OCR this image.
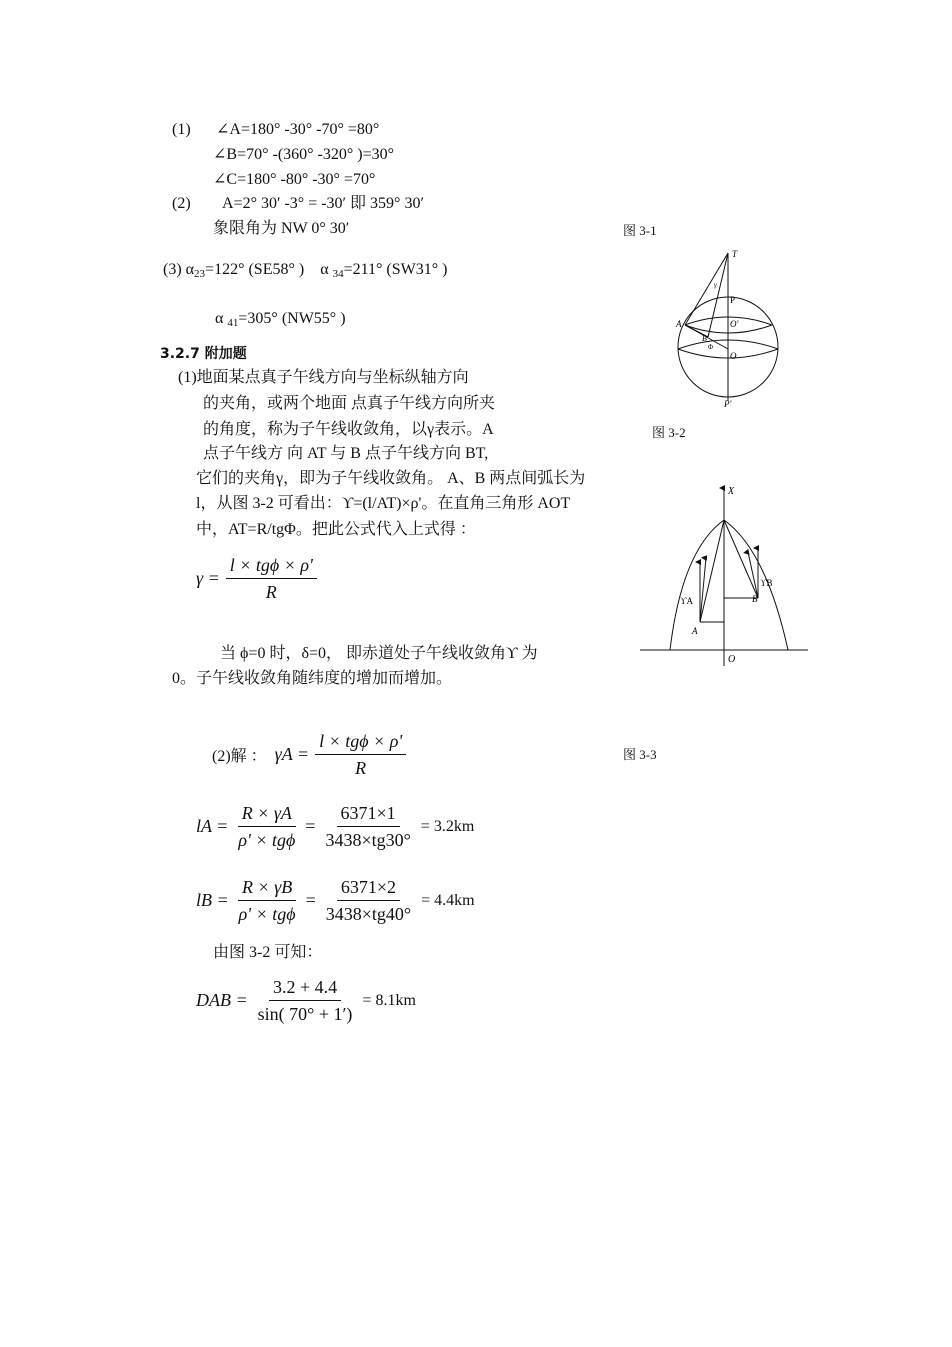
(1) ∠A=180° -30° -70° =80°
∠B=70° -(360° -320° )=30°
∠C=180° -80° -30° =70°
(2) A=2° 30′ -3° = -30′ 即 359° 30′
象限角为 NW 0° 30′	图 3-1
(3) $\alpha_{23}=122^\circ$ (SE58° ) α $_{34}$=211° (SW31° )
α $_{41}$=305° (NW55° )
3.2.7 附加题
(1)地面某点真子午线方向与坐标纵轴方向
的夹角，或两个地面 点真子午线方向所夹
的角度，称为子午线收敛角，以γ表示。A	图 3-2
点子午线方 向 AT 与 B 点子午线方向 BT,
它们的夹角γ，即为子午线收敛角。 A、B 两点间弧长为
l，从图 3-2 可看出：ϒ=(l/AT)×ρ'。在直角三角形 AOT
中，AT=R/tgΦ。把此公式代入上式得 ：
$\gamma = \frac{\text{l × tgϕ × ρ'}}{R}$
当 ϕ=0 时，δ=0， 即赤道处子午线收敛角ϒ 为
0。子午线收敛角随纬度的增加而增加。
(2)解 ： $\gamma A = \frac{\text{l × tgϕ × ρ'}}{R}$	图 3-3
lA = $\frac{R \times \gamma A}{\text{ρ' × tgϕ}} = \frac{6371\times 1}{3438\times tg30^\circ} = 3.2km$
lB = $\frac{R \times \gamma B}{\text{ρ' × tgϕ}} = \frac{6371\times 2}{3438\times tg40^\circ} = 4.4km$
由图 3-2 可知：
DAB = $\frac{3.2 + 4.4}{\sin( 70^\circ + 1')} = 8.1km$
T
γ
P
A	O'
B
Φ
O
P'
X
ϒA
ϒB
A
B
O
